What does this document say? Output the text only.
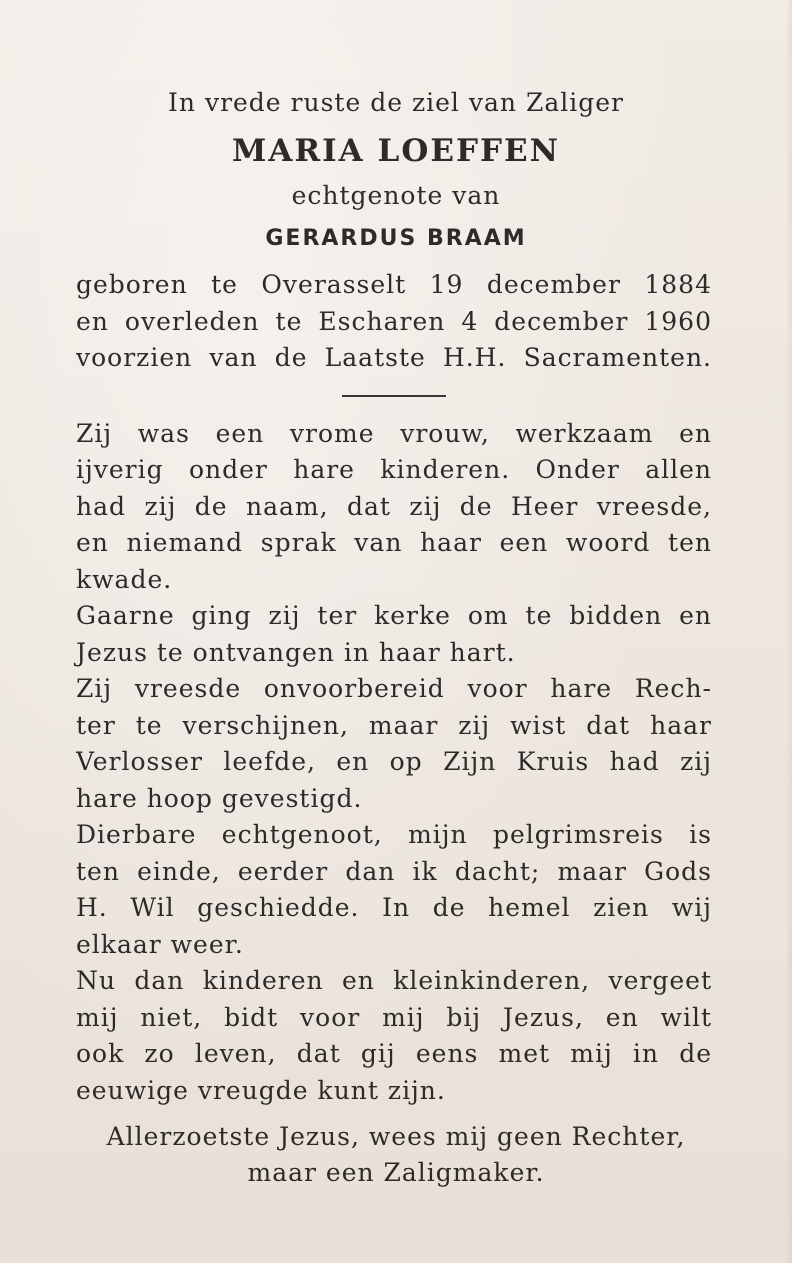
In vrede ruste de ziel van Zaliger
MARIA LOEFFEN
echtgenote van
GERARDUS BRAAM
geboren te Overasselt 19 december 1884
en overleden te Escharen 4 december 1960
voorzien van de Laatste H.H. Sacramenten.
Zij was een vrome vrouw, werkzaam en
ijverig onder hare kinderen. Onder allen
had zij de naam, dat zij de Heer vreesde,
en niemand sprak van haar een woord ten
kwade.
Gaarne ging zij ter kerke om te bidden en
Jezus te ontvangen in haar hart.
Zij vreesde onvoorbereid voor hare Rech-
ter te verschijnen, maar zij wist dat haar
Verlosser leefde, en op Zijn Kruis had zij
hare hoop gevestigd.
Dierbare echtgenoot, mijn pelgrimsreis is
ten einde, eerder dan ik dacht; maar Gods
H. Wil geschiedde. In de hemel zien wij
elkaar weer.
Nu dan kinderen en kleinkinderen, vergeet
mij niet, bidt voor mij bij Jezus, en wilt
ook zo leven, dat gij eens met mij in de
eeuwige vreugde kunt zijn.
Allerzoetste Jezus, wees mij geen Rechter,
maar een Zaligmaker.
